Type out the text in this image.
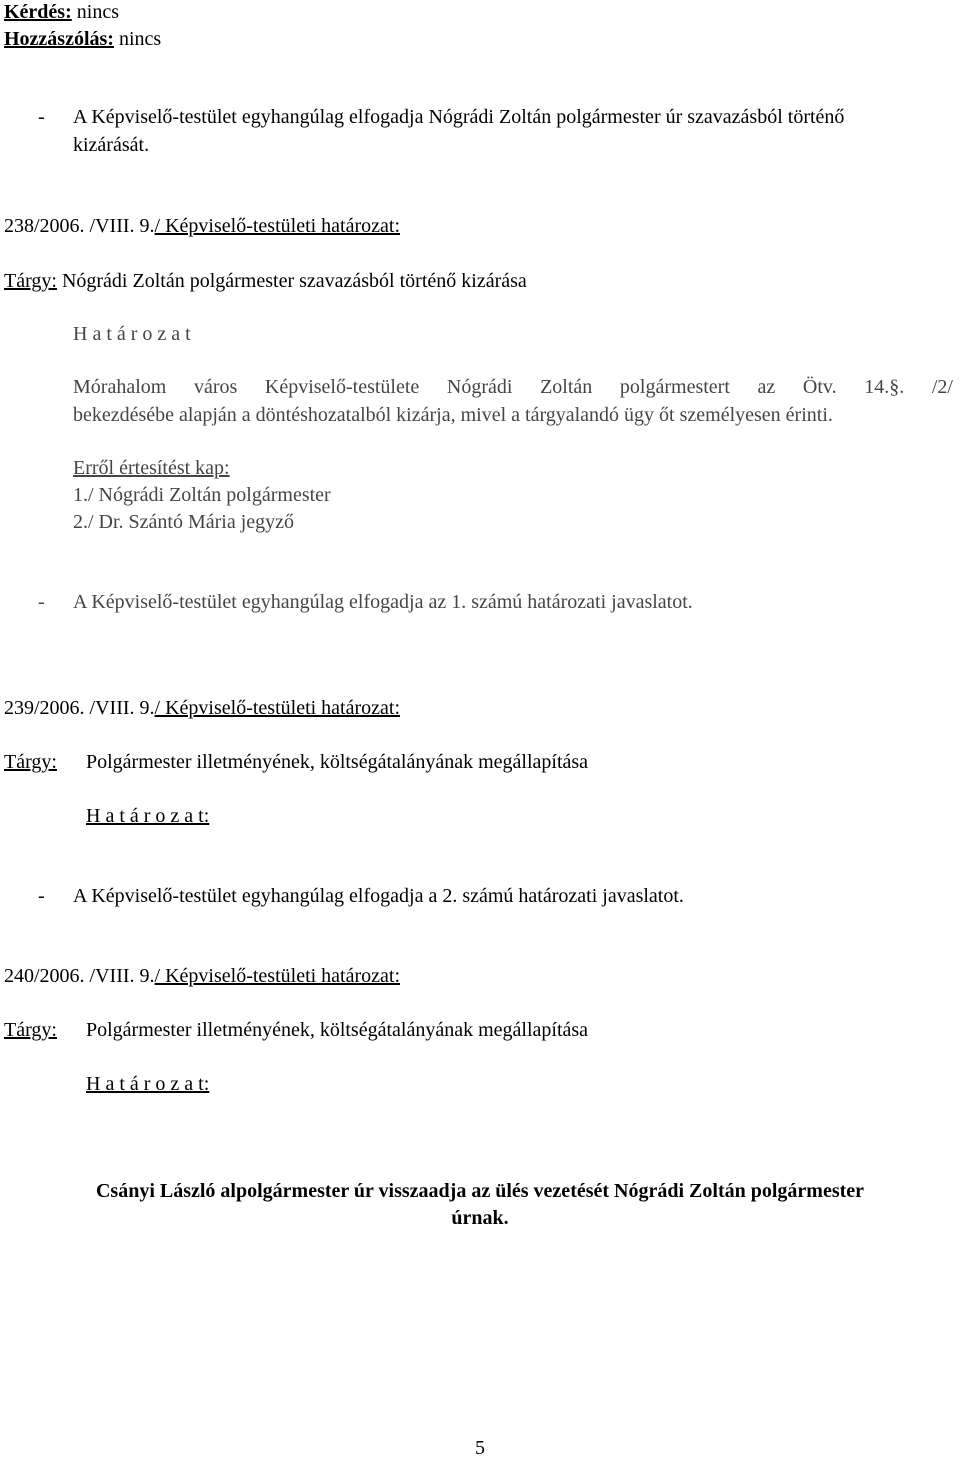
Kérdés: nincs
Hozzászólás: nincs
- A Képviselő-testület egyhangúlag elfogadja Nógrádi Zoltán polgármester úr szavazásból történő
kizárását.
238/2006. /VIII. 9./ Képviselő-testületi határozat:
Tárgy: Nógrádi Zoltán polgármester szavazásból történő kizárása
H a t á r o z a t
Mórahalom város Képviselő-testülete Nógrádi Zoltán polgármestert az Ötv. 14.§. /2/
bekezdésébe alapján a döntéshozatalból kizárja, mivel a tárgyalandó ügy őt személyesen érinti.
Erről értesítést kap:
1./ Nógrádi Zoltán polgármester
2./ Dr. Szántó Mária jegyző
- A Képviselő-testület egyhangúlag elfogadja az 1. számú határozati javaslatot.
239/2006. /VIII. 9./ Képviselő-testületi határozat:
Tárgy: Polgármester illetményének, költségátalányának megállapítása
H a t á r o z a t:
- A Képviselő-testület egyhangúlag elfogadja a 2. számú határozati javaslatot.
240/2006. /VIII. 9./ Képviselő-testületi határozat:
Tárgy: Polgármester illetményének, költségátalányának megállapítása
H a t á r o z a t:
Csányi László alpolgármester úr visszaadja az ülés vezetését Nógrádi Zoltán polgármester
úrnak.
5
